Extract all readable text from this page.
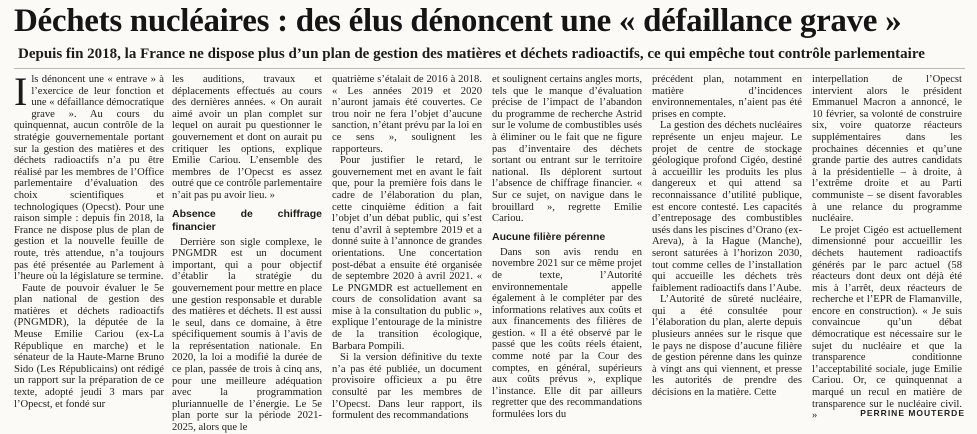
Déchets nucléaires : des élus dénoncent une « défaillance grave »
Depuis fin 2018, la France ne dispose plus d’un plan de gestion des matières et déchets radioactifs, ce qui empêche tout contrôle parlementaire

Ils dénoncent une « entrave » à l’exercice de leur fonction et une « défaillance démocratique grave ». Au cours du quinquennat, aucun contrôle de la stratégie gouvernementale portant sur la gestion des matières et des déchets radioactifs n’a pu être réalisé par les membres de l’Office parlementaire d’évaluation des choix scientifiques et technologiques (Opecst). Pour une raison simple : depuis fin 2018, la France ne dispose plus de plan de gestion et la nouvelle feuille de route, très attendue, n’a toujours pas été présentée au Parlement à l’heure où la législature se termine.

Faute de pouvoir évaluer le 5e plan national de gestion des matières et déchets radioactifs (PNGMDR), la députée de la Meuse Emilie Cariou (ex-La République en marche) et le sénateur de la Haute-Marne Bruno Sido (Les Républicains) ont rédigé un rapport sur la préparation de ce texte, adopté jeudi 3 mars par l’Opecst, et fondé sur

les auditions, travaux et déplacements effectués au cours des dernières années. « On aurait aimé avoir un plan complet sur lequel on aurait pu questionner le gouvernement et dont on aurait pu critiquer les options, explique Emilie Cariou. L’ensemble des membres de l’Opecst es assez outré que ce contrôle parlementaire n’ait pas pu avoir lieu. »

Absence de chiffrage financier

Derrière son sigle complexe, le PNGMDR est un document important, qui a pour objectif d’établir la stratégie du gouvernement pour mettre en place une gestion responsable et durable des matières et déchets. Il est aussi le seul, dans ce domaine, à être spécifiquement soumis à l’avis de la représentation nationale. En 2020, la loi a modifié la durée de ce plan, passée de trois à cinq ans, pour une meilleure adéquation avec la programmation pluriannuelle de l’énergie. Le 5e plan porte sur la période 2021-2025, alors que le

quatrième s’étalait de 2016 à 2018. « Les années 2019 et 2020 n’auront jamais été couvertes. Ce trou noir ne fera l’objet d’aucune sanction, n’étant prévu par la loi en ce sens », soulignent les rapporteurs.

Pour justifier le retard, le gouvernement met en avant le fait que, pour la première fois dans le cadre de l’élaboration du plan, cette cinquième édition a fait l’objet d’un débat public, qui s’est tenu d’avril à septembre 2019 et a donné suite à l’annonce de grandes orientations. Une concertation post-débat a ensuite été organisée de septembre 2020 à avril 2021. « Le PNGMDR est actuellement en cours de consolidation avant sa mise à la consultation du public », explique l’entourage de la ministre de la transition écologique, Barbara Pompili.

Si la version définitive du texte n’a pas été publiée, un document provisoire officieux a pu être consulté par les membres de l’Opecst. Dans leur rapport, ils formulent des recommandations

et soulignent certains angles morts, tels que le manque d’évaluation précise de l’impact de l’abandon du programme de recherche Astrid sur le volume de combustibles usés à éliminer ou le fait que ne figure pas d’inventaire des déchets sortant ou entrant sur le territoire national. Ils déplorent surtout l’absence de chiffrage financier. « Sur ce sujet, on navigue dans le brouillard », regrette Emilie Cariou.

Aucune filière pérenne

Dans son avis rendu en novembre 2021 sur ce même projet de texte, l’Autorité environnementale appelle également à le compléter par des informations relatives aux coûts et aux financements des filières de gestion. « Il a été observé par le passé que les coûts réels étaient, comme noté par la Cour des comptes, en général, supérieurs aux coûts prévus », explique l’instance. Elle dit par ailleurs regretter que des recommandations formulées lors du

précédent plan, notamment en matière d’incidences environnementales, n’aient pas été prises en compte.

La gestion des déchets nucléaires représente un enjeu majeur. Le projet de centre de stockage géologique profond Cigéo, destiné à accueillir les produits les plus dangereux et qui attend sa reconnaissance d’utilité publique, est encore contesté. Les capacités d’entreposage des combustibles usés dans les piscines d’Orano (ex-Areva), à la Hague (Manche), seront saturées à l’horizon 2030, tout comme celles de l’installation qui accueille les déchets très faiblement radioactifs dans l’Aube.

L’Autorité de sûreté nucléaire, qui a été consultée pour l’élaboration du plan, alerte depuis plusieurs années sur le risque que le pays ne dispose d’aucune filière de gestion pérenne dans les quinze à vingt ans qui viennent, et presse les autorités de prendre des décisions en la matière. Cette

interpellation de l’Opecst intervient alors le président Emmanuel Macron a annoncé, le 10 février, sa volonté de construire six, voire quatorze réacteurs supplémentaires dans les prochaines décennies et qu’une grande partie des autres candidats à la présidentielle – à droite, à l’extrême droite et au Parti communiste – se disent favorables à une relance du programme nucléaire.

Le projet Cigéo est actuellement dimensionné pour accueillir les déchets hautement radioactifs générés par le parc actuel (58 réacteurs dont deux ont déjà été mis à l’arrêt, deux réacteurs de recherche et l’EPR de Flamanville, encore en construction). « Je suis convaincue qu’un débat démocratique est nécessaire sur le sujet du nucléaire et que la transparence conditionne l’acceptabilité sociale, juge Emilie Cariou. Or, ce quinquennat a marqué un recul en matière de transparence sur le nucléaire civil. »	PERRINE MOUTERDE
